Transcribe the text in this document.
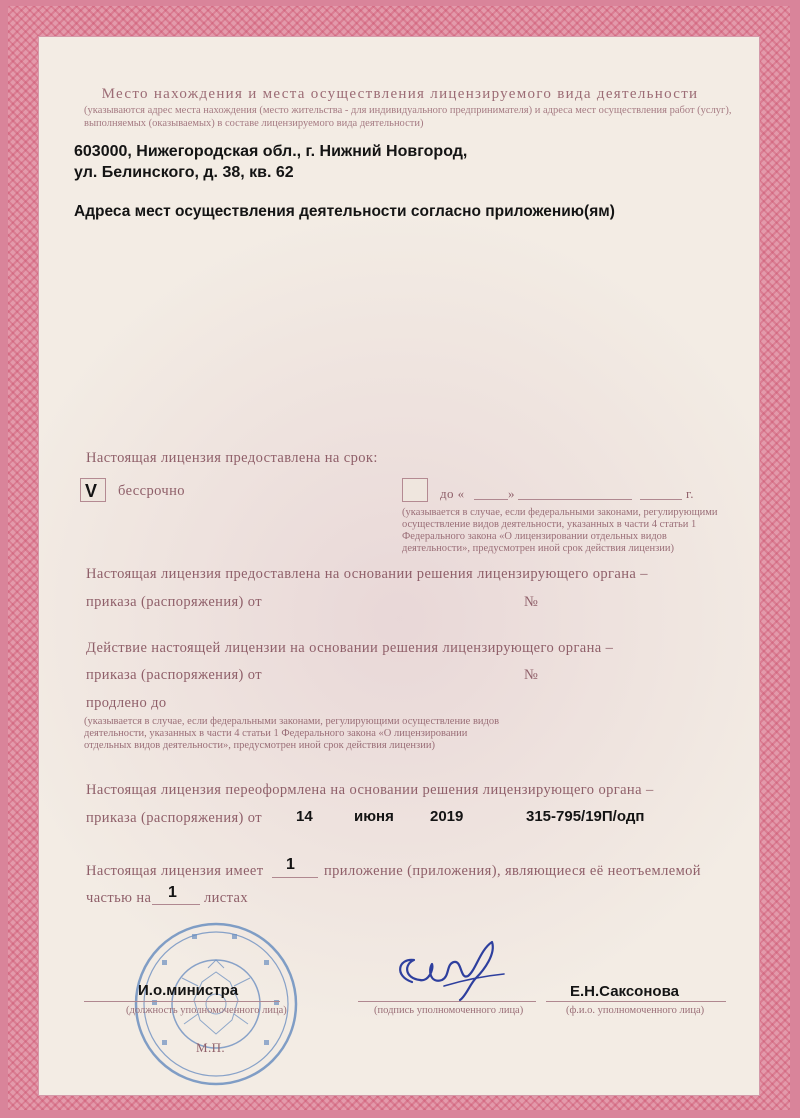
Место нахождения и места осуществления лицензируемого вида деятельности
(указываются адрес места нахождения (место жительства - для индивидуального предпринимателя) и адреса мест осуществления работ (услуг), выполняемых (оказываемых) в составе лицензируемого вида деятельности)
603000, Нижегородская обл., г. Нижний Новгород,
ул. Белинского, д. 38, кв. 62
Адреса мест осуществления деятельности согласно приложению(ям)
Настоящая лицензия предоставлена на срок:
V бессрочно	до «	»	г.
(указывается в случае, если федеральными законами, регулирующими осуществление видов деятельности, указанных в части 4 статьи 1 Федерального закона «О лицензировании отдельных видов деятельности», предусмотрен иной срок действия лицензии)
Настоящая лицензия предоставлена на основании решения лицензирующего органа –
приказа (распоряжения) от	№
Действие настоящей лицензии на основании решения лицензирующего органа –
приказа (распоряжения) от	№
продлено до
(указывается в случае, если федеральными законами, регулирующими осуществление видов деятельности, указанных в части 4 статьи 1 Федерального закона «О лицензировании отдельных видов деятельности», предусмотрен иной срок действия лицензии)
Настоящая лицензия переоформлена на основании решения лицензирующего органа –
приказа (распоряжения) от 14	июня 2019	315-795/19П/одп
Настоящая лицензия имеет 1 приложение (приложения), являющиеся её неотъемлемой
частью на 1 листах
И.о.министра
(должность уполномоченного лица)	(подпись уполномоченного лица)
Е.Н.Саксонова
(ф.и.о. уполномоченного лица)
М.П.
